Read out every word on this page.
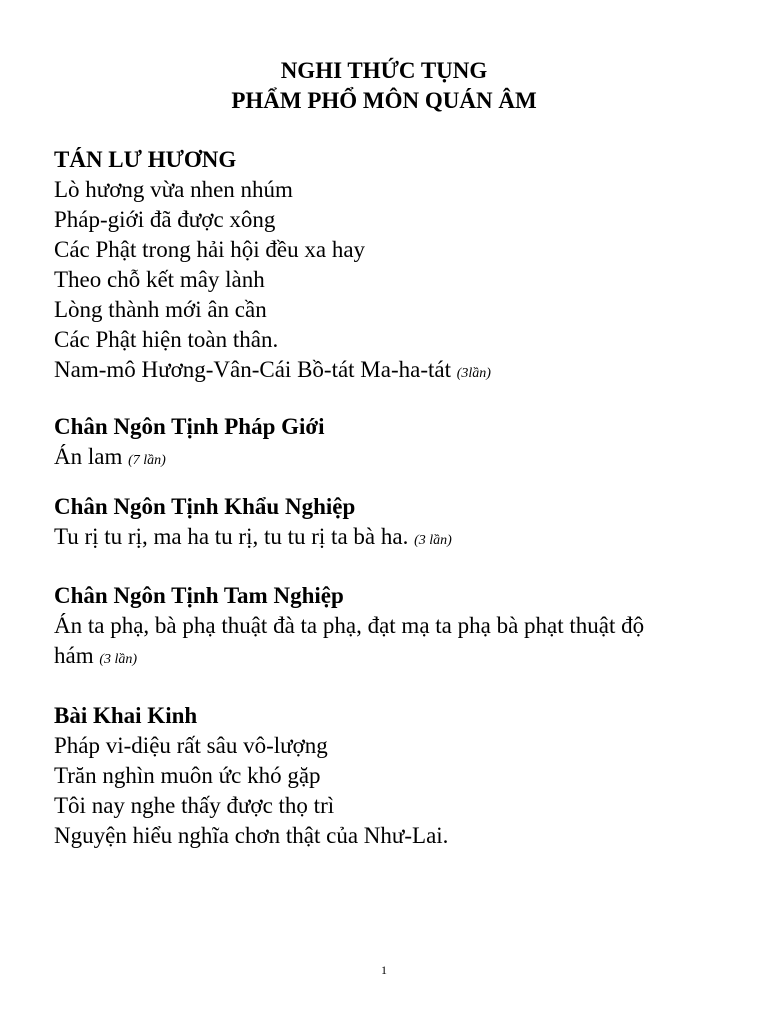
NGHI THỨC TỤNG

PHẨM PHỔ MÔN QUÁN ÂM

TÁN LƯ HƯƠNG

Lò hương vừa nhen nhúm

Pháp-giới đã được xông

Các Phật trong hải hội đều xa hay

Theo chỗ kết mây lành

Lòng thành mới ân cần

Các Phật hiện toàn thân.

Nam-mô Hương-Vân-Cái Bồ-tát Ma-ha-tát (3lần)

Chân Ngôn Tịnh Pháp Giới

Án lam (7 lần)

Chân Ngôn Tịnh Khẩu Nghiệp

Tu rị tu rị, ma ha tu rị, tu tu rị ta bà ha. (3 lần)

Chân Ngôn Tịnh Tam Nghiệp

Án ta phạ, bà phạ thuật đà ta phạ, đạt mạ ta phạ bà phạt thuật độ

hám (3 lần)

Bài Khai Kinh

Pháp vi-diệu rất sâu vô-lượng

Trăn nghìn muôn ức khó gặp

Tôi nay nghe thấy được thọ trì

Nguyện hiểu nghĩa chơn thật của Như-Lai.

1
